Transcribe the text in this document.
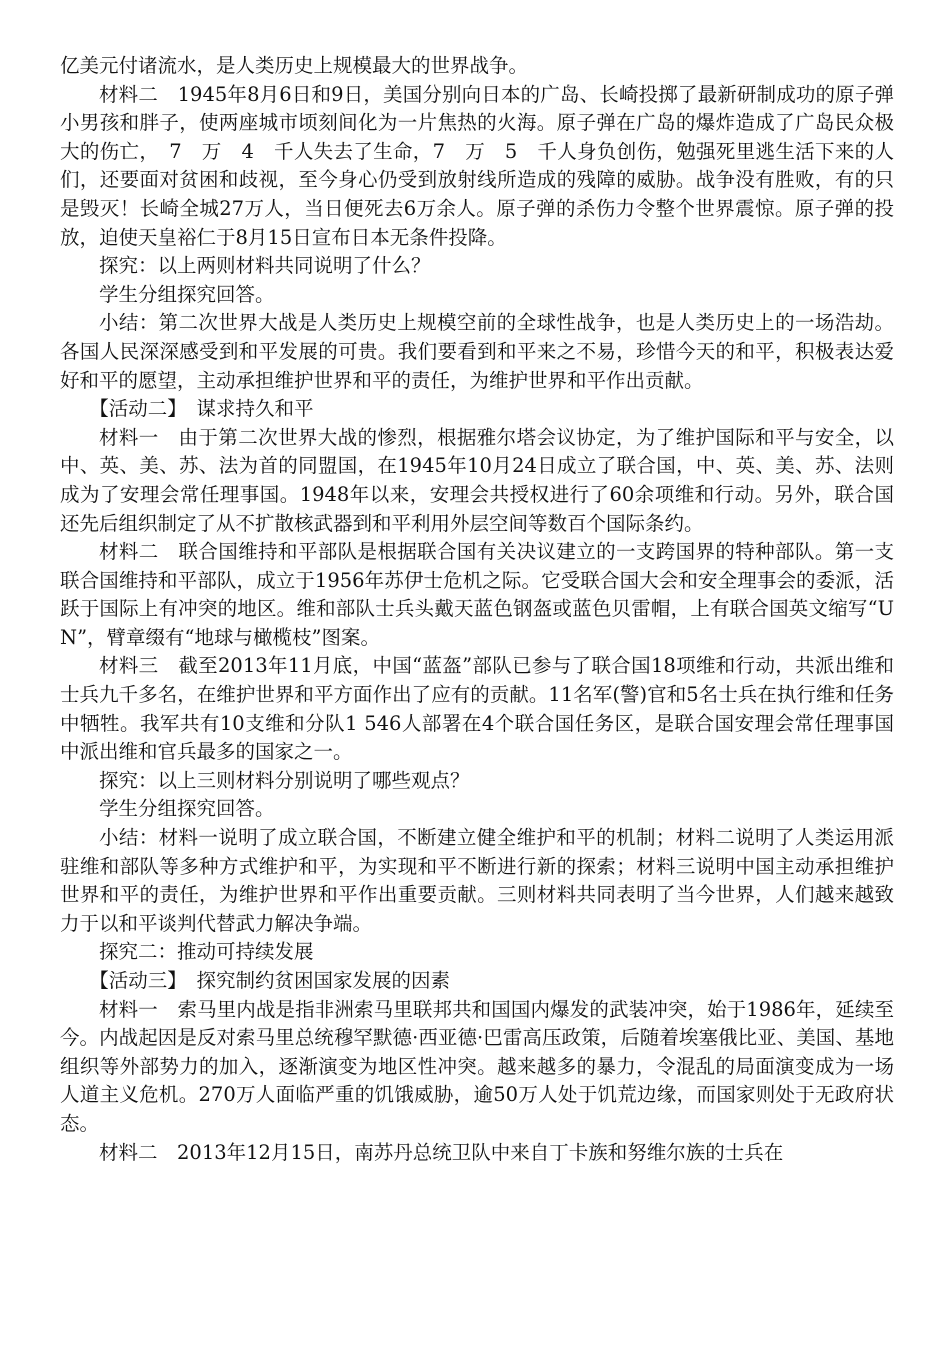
亿美元付诸流水，是人类历史上规模最大的世界战争。

材料二　1945年8月6日和9日，美国分别向日本的广岛、长崎投掷了最新研制成功的原子弹小男孩和胖子，使两座城市顷刻间化为一片焦热的火海。原子弹在广岛的爆炸造成了广岛民众极大的伤亡，　7　万　4　千人失去了生命，7　万　5　千人身负创伤，勉强死里逃生活下来的人们，还要面对贫困和歧视，至今身心仍受到放射线所造成的残障的威胁。战争没有胜败，有的只是毁灭！长崎全城27万人，当日便死去6万余人。原子弹的杀伤力令整个世界震惊。原子弹的投放，迫使天皇裕仁于8月15日宣布日本无条件投降。

探究：以上两则材料共同说明了什么？

学生分组探究回答。

小结：第二次世界大战是人类历史上规模空前的全球性战争，也是人类历史上的一场浩劫。各国人民深深感受到和平发展的可贵。我们要看到和平来之不易，珍惜今天的和平，积极表达爱好和平的愿望，主动承担维护世界和平的责任，为维护世界和平作出贡献。

【活动二】　谋求持久和平

材料一　由于第二次世界大战的惨烈，根据雅尔塔会议协定，为了维护国际和平与安全，以中、英、美、苏、法为首的同盟国，在1945年10月24日成立了联合国，中、英、美、苏、法则成为了安理会常任理事国。1948年以来，安理会共授权进行了60余项维和行动。另外，联合国还先后组织制定了从不扩散核武器到和平利用外层空间等数百个国际条约。

材料二　联合国维持和平部队是根据联合国有关决议建立的一支跨国界的特种部队。第一支联合国维持和平部队，成立于1956年苏伊士危机之际。它受联合国大会和安全理事会的委派，活跃于国际上有冲突的地区。维和部队士兵头戴天蓝色钢盔或蓝色贝雷帽，上有联合国英文缩写“UN”，臂章缀有“地球与橄榄枝”图案。

材料三　截至2013年11月底，中国“蓝盔”部队已参与了联合国18项维和行动，共派出维和士兵九千多名，在维护世界和平方面作出了应有的贡献。11名军(警)官和5名士兵在执行维和任务中牺牲。我军共有10支维和分队1 546人部署在4个联合国任务区，是联合国安理会常任理事国中派出维和官兵最多的国家之一。

探究：以上三则材料分别说明了哪些观点？

学生分组探究回答。

小结：材料一说明了成立联合国，不断建立健全维护和平的机制；材料二说明了人类运用派驻维和部队等多种方式维护和平，为实现和平不断进行新的探索；材料三说明中国主动承担维护世界和平的责任，为维护世界和平作出重要贡献。三则材料共同表明了当今世界，人们越来越致力于以和平谈判代替武力解决争端。

探究二：推动可持续发展

【活动三】　探究制约贫困国家发展的因素

材料一　索马里内战是指非洲索马里联邦共和国国内爆发的武装冲突，始于1986年，延续至今。内战起因是反对索马里总统穆罕默德·西亚德·巴雷高压政策，后随着埃塞俄比亚、美国、基地组织等外部势力的加入，逐渐演变为地区性冲突。越来越多的暴力，令混乱的局面演变成为一场人道主义危机。270万人面临严重的饥饿威胁，逾50万人处于饥荒边缘，而国家则处于无政府状态。

材料二　2013年12月15日，南苏丹总统卫队中来自丁卡族和努维尔族的士兵在
